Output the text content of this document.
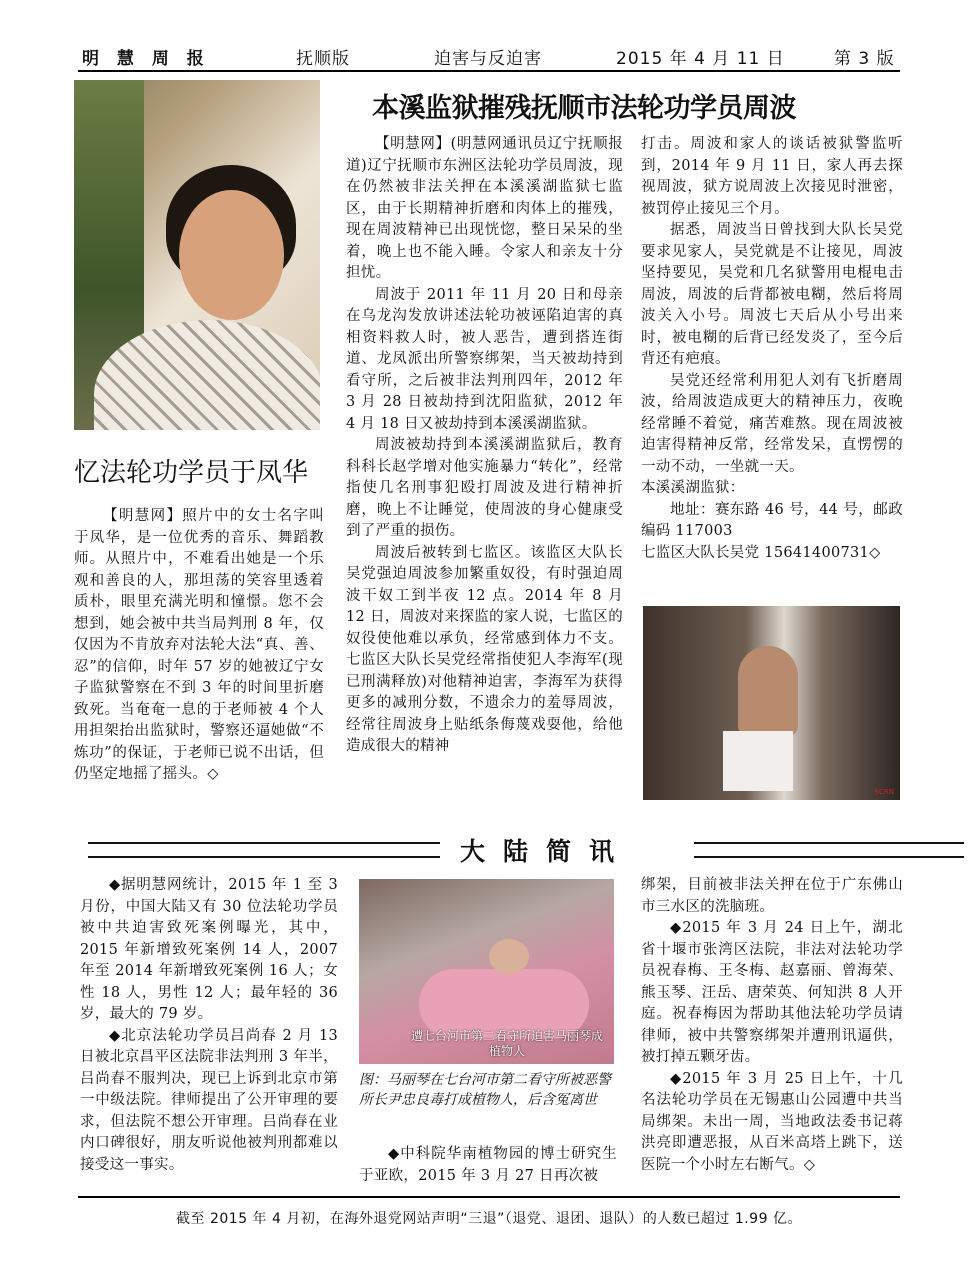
明 慧 周 报	抚顺版	迫害与反迫害	2015 年 4 月 11 日	第 3 版
本溪监狱摧残抚顺市法轮功学员周波

【明慧网】(明慧网通讯员辽宁抚顺报道)辽宁抚顺市东洲区法轮功学员周波，现在仍然被非法关押在本溪溪湖监狱七监区，由于长期精神折磨和肉体上的摧残，现在周波精神已出现恍惚，整日呆呆的坐着，晚上也不能入睡。令家人和亲友十分担忧。

周波于 2011 年 11 月 20 日和母亲在乌龙沟发放讲述法轮功被诬陷迫害的真相资料救人时，被人恶告，遭到搭连街道、龙凤派出所警察绑架，当天被劫持到看守所，之后被非法判刑四年，2012 年 3 月 28 日被劫持到沈阳监狱，2012 年 4 月 18 日又被劫持到本溪溪湖监狱。

周波被劫持到本溪溪湖监狱后，教育科科长赵学增对他实施暴力“转化”，经常指使几名刑事犯殴打周波及进行精神折磨，晚上不让睡觉，使周波的身心健康受到了严重的损伤。

周波后被转到七监区。该监区大队长吴党强迫周波参加繁重奴役，有时强迫周波干奴工到半夜 12 点。2014 年 8 月 12 日，周波对来探监的家人说，七监区的奴役使他难以承负，经常感到体力不支。七监区大队长吴党经常指使犯人李海军(现已刑满释放)对他精神迫害，李海军为获得更多的减刑分数，不遗余力的羞辱周波，经常往周波身上贴纸条侮蔑戏耍他，给他造成很大的精神

打击。周波和家人的谈话被狱警监听到，2014 年 9 月 11 日，家人再去探视周波，狱方说周波上次接见时泄密，被罚停止接见三个月。

据悉，周波当日曾找到大队长吴党要求见家人，吴党就是不让接见，周波坚持要见，吴党和几名狱警用电棍电击周波，周波的后背都被电糊，然后将周波关入小号。周波七天后从小号出来时，被电糊的后背已经发炎了，至今后背还有疤痕。

吴党还经常利用犯人刘有飞折磨周波，给周波造成更大的精神压力，夜晚经常睡不着觉，痛苦难熬。现在周波被迫害得精神反常，经常发呆，直愣愣的一动不动，一坐就一天。

本溪溪湖监狱：

地址：赛东路 46 号，44 号，邮政编码 117003

七监区大队长吴党 15641400731◇

SCRN
忆法轮功学员于凤华

【明慧网】照片中的女士名字叫于凤华，是一位优秀的音乐、舞蹈教师。从照片中，不难看出她是一个乐观和善良的人，那坦荡的笑容里透着质朴，眼里充满光明和憧憬。您不会想到，她会被中共当局判刑 8 年，仅仅因为不肯放弃对法轮大法“真、善、忍”的信仰，时年 57 岁的她被辽宁女子监狱警察在不到 3 年的时间里折磨致死。当奄奄一息的于老师被 4 个人用担架抬出监狱时，警察还逼她做“不炼功”的保证，于老师已说不出话，但仍坚定地摇了摇头。◇

大陆简讯

◆据明慧网统计，2015 年 1 至 3 月份，中国大陆又有 30 位法轮功学员被中共迫害致死案例曝光，其中，2015 年新增致死案例 14 人，2007 年至 2014 年新增致死案例 16 人；女性 18 人，男性 12 人；最年轻的 36 岁，最大的 79 岁。

◆北京法轮功学员吕尚春 2 月 13 日被北京昌平区法院非法判刑 3 年半，吕尚春不服判决，现已上诉到北京市第一中级法院。律师提出了公开审理的要求，但法院不想公开审理。吕尚春在业内口碑很好，朋友听说他被判刑都难以接受这一事实。

遭七台河市第二看守所迫害马丽琴成植物人
图：马丽琴在七台河市第二看守所被恶警所长尹忠良毒打成植物人，后含冤离世

◆中科院华南植物园的博士研究生于亚欧，2015 年 3 月 27 日再次被

绑架，目前被非法关押在位于广东佛山市三水区的洗脑班。

◆2015 年 3 月 24 日上午，湖北省十堰市张湾区法院，非法对法轮功学员祝春梅、王冬梅、赵嘉丽、曾海荣、熊玉琴、汪岳、唐荣英、何知洪 8 人开庭。祝春梅因为帮助其他法轮功学员请律师，被中共警察绑架并遭刑讯逼供，被打掉五颗牙齿。

◆2015 年 3 月 25 日上午，十几名法轮功学员在无锡惠山公园遭中共当局绑架。未出一周，当地政法委书记蒋洪亮即遭恶报，从百米高塔上跳下，送医院一个小时左右断气。◇

截至 2015 年 4 月初，在海外退党网站声明“三退”（退党、退团、退队）的人数已超过 1.99 亿。
